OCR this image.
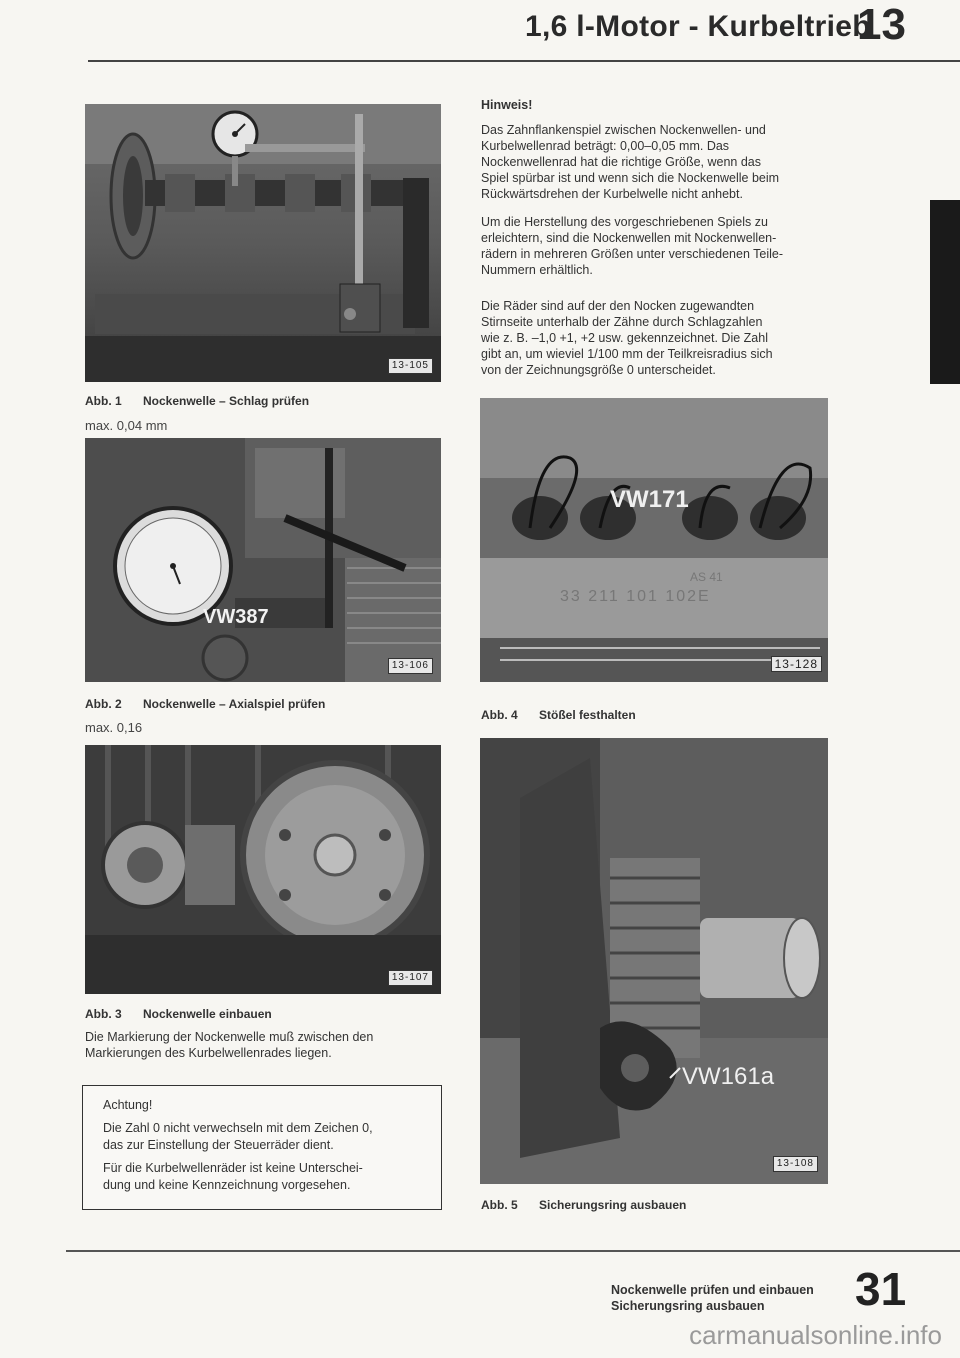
1,6 l-Motor - Kurbeltrieb
13
13-105
Abb. 1 Nockenwelle – Schlag prüfen
max. 0,04 mm
VW387
13-106
Abb. 2 Nockenwelle – Axialspiel prüfen
max. 0,16
13-107
Abb. 3 Nockenwelle einbauen
Die Markierung der Nockenwelle muß zwischen den
Markierungen des Kurbelwellenrades liegen.
Achtung!
Die Zahl 0 nicht verwechseln mit dem Zeichen 0,
das zur Einstellung der Steuerräder dient.
Für die Kurbelwellenräder ist keine Unterschei-
dung und keine Kennzeichnung vorgesehen.
Hinweis!
Das Zahnflankenspiel zwischen Nockenwellen- und
Kurbelwellenrad beträgt: 0,00–0,05 mm. Das
Nockenwellenrad hat die richtige Größe, wenn das
Spiel spürbar ist und wenn sich die Nockenwelle beim
Rückwärtsdrehen der Kurbelwelle nicht anhebt.
Um die Herstellung des vorgeschriebenen Spiels zu
erleichtern, sind die Nockenwellen mit Nockenwellen-
rädern in mehreren Größen unter verschiedenen Teile-
Nummern erhältlich.
Die Räder sind auf der den Nocken zugewandten
Stirnseite unterhalb der Zähne durch Schlagzahlen
wie z. B. –1,0 +1, +2 usw. gekennzeichnet. Die Zahl
gibt an, um wieviel 1/100 mm der Teilkreisradius sich
von der Zeichnungsgröße 0 unterscheidet.
VW171
AS 41
33 211 101 102E
13-128
Abb. 4 Stößel festhalten
VW161a
13-108
Abb. 5 Sicherungsring ausbauen
Nockenwelle prüfen und einbauen
Sicherungsring ausbauen 31
carmanualsonline.info
